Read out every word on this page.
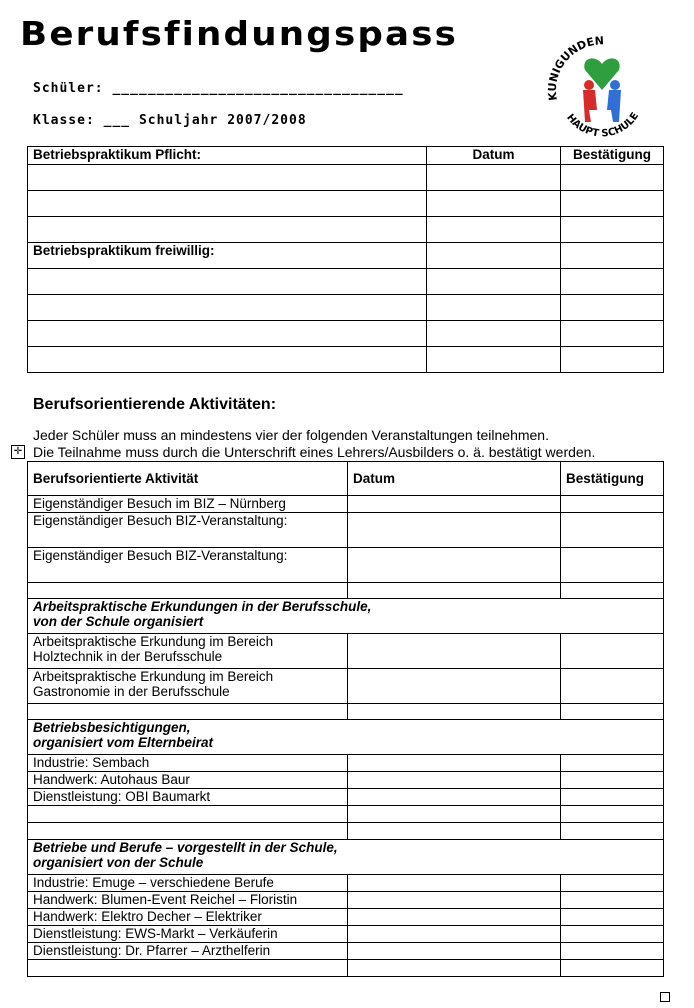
Berufsfindungspass
Schüler: _________________________________
Klasse: ___ Schuljahr 2007/2008
KUNIGUNDEN
HAUPT SCHULE
Betriebspraktikum Pflicht:	Datum	Bestätigung

Betriebspraktikum freiwillig:		

Berufsorientierende Aktivitäten:
Jeder Schüler muss an mindestens vier der folgenden Veranstaltungen teilnehmen.
Die Teilnahme muss durch die Unterschrift eines Lehrers/Ausbilders o. ä. bestätigt werden.
✛
Berufsorientierte Aktivität	Datum	Bestätigung
Eigenständiger Besuch im BIZ – Nürnberg		
Eigenständiger Besuch BIZ-Veranstaltung:		
Eigenständiger Besuch BIZ-Veranstaltung:		

Arbeitspraktische Erkundungen in der Berufsschule,
von der Schule organisiert		

Arbeitspraktische Erkundung im Bereich
Holztechnik in der Berufsschule		

Arbeitspraktische Erkundung im Bereich
Gastronomie in der Berufsschule		

Betriebsbesichtigungen,
organisiert vom Elternbeirat		

Industrie: Sembach		
Handwerk: Autohaus Baur		
Dienstleistung: OBI Baumarkt		

Betriebe und Berufe – vorgestellt in der Schule,
organisiert von der Schule		

Industrie: Emuge – verschiedene Berufe		
Handwerk: Blumen-Event Reichel – Floristin		
Handwerk: Elektro Decher – Elektriker		
Dienstleistung: EWS-Markt – Verkäuferin		
Dienstleistung: Dr. Pfarrer – Arzthelferin		
